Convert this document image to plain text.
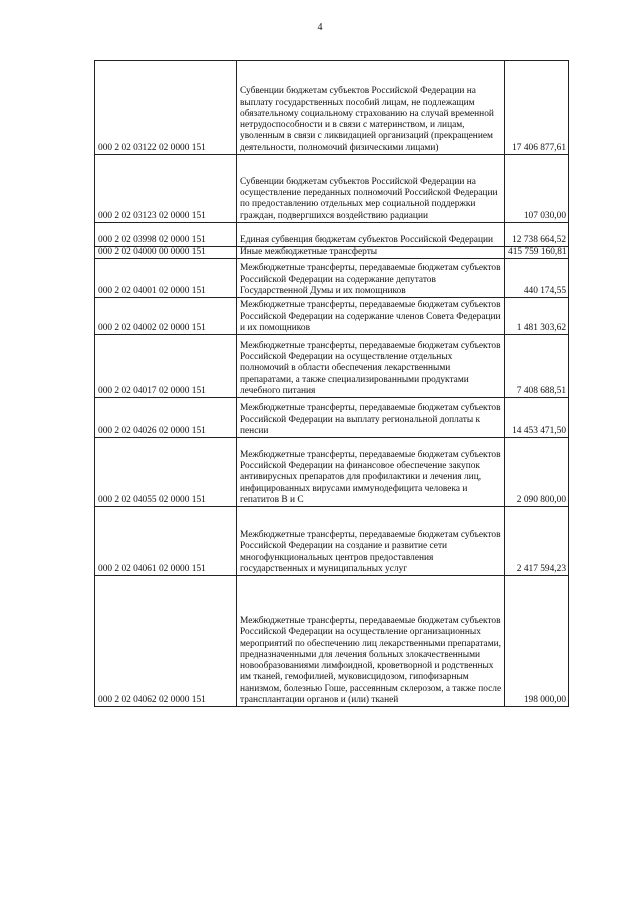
4
000 2 02 03122 02 0000 151	Субвенции бюджетам субъектов Российской Федерации на выплату государственных пособий лицам, не подлежащим обязательному социальному страхованию на случай временной нетрудоспособности и в связи с материнством, и лицам, уволенным в связи с ликвидацией организаций (прекращением деятельности, полномочий физическими лицами)	17 406 877,61
000 2 02 03123 02 0000 151	Субвенции бюджетам субъектов Российской Федерации на осуществление переданных полномочий Российской Федерации по предоставлению отдельных мер социальной поддержки граждан, подвергшихся воздействию радиации	107 030,00
000 2 02 03998 02 0000 151	Единая субвенция бюджетам субъектов Российской Федерации	12 738 664,52
000 2 02 04000 00 0000 151	Иные межбюджетные трансферты	415 759 160,81
000 2 02 04001 02 0000 151	Межбюджетные трансферты, передаваемые бюджетам субъектов Российской Федерации на содержание депутатов Государственной Думы и их помощников	440 174,55
000 2 02 04002 02 0000 151	Межбюджетные трансферты, передаваемые бюджетам субъектов Российской Федерации на содержание членов Совета Федерации и их помощников	1 481 303,62
000 2 02 04017 02 0000 151	Межбюджетные трансферты, передаваемые бюджетам субъектов Российской Федерации на осуществление отдельных полномочий в области обеспечения лекарственными препаратами, а также специализированными продуктами лечебного питания	7 408 688,51
000 2 02 04026 02 0000 151	Межбюджетные трансферты, передаваемые бюджетам субъектов Российской Федерации на выплату региональной доплаты к пенсии	14 453 471,50
000 2 02 04055 02 0000 151	Межбюджетные трансферты, передаваемые бюджетам субъектов Российской Федерации на финансовое обеспечение закупок антивирусных препаратов для профилактики и лечения лиц, инфицированных вирусами иммунодефицита человека и гепатитов В и С	2 090 800,00
000 2 02 04061 02 0000 151	Межбюджетные трансферты, передаваемые бюджетам субъектов Российской Федерации на создание и развитие сети многофункциональных центров предоставления государственных и муниципальных услуг	2 417 594,23
000 2 02 04062 02 0000 151	Межбюджетные трансферты, передаваемые бюджетам субъектов Российской Федерации на осуществление организационных мероприятий по обеспечению лиц лекарственными препаратами, предназначенными для лечения больных злокачественными новообразованиями лимфоидной, кроветворной и родственных им тканей, гемофилией, муковисцидозом, гипофизарным нанизмом, болезнью Гоше, рассеянным склерозом, а также после трансплантации органов и (или) тканей	198 000,00
